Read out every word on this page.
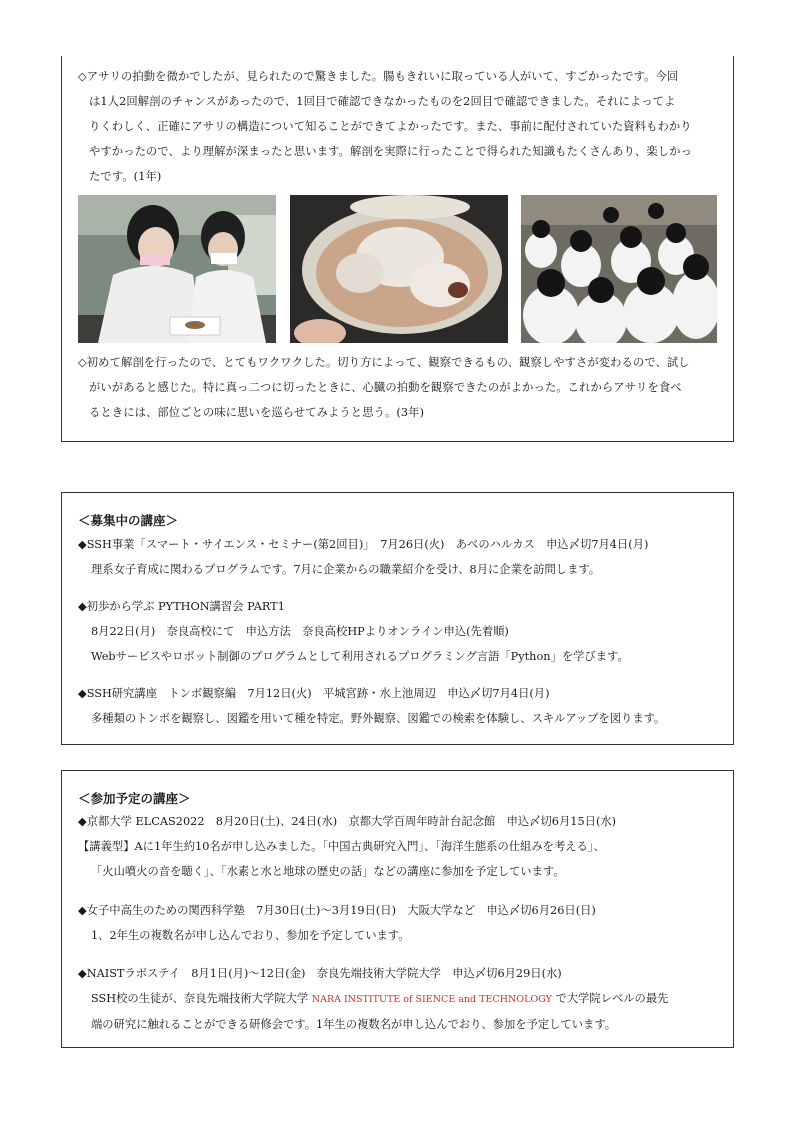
◇アサリの拍動を微かでしたが、見られたので驚きました。腸もきれいに取っている人がいて、すごかったです。今回
は1人2回解剖のチャンスがあったので、1回目で確認できなかったものを2回目で確認できました。それによってよ
りくわしく、正確にアサリの構造について知ることができてよかったです。また、事前に配付されていた資料もわかり
やすかったので、より理解が深まったと思います。解剖を実際に行ったことで得られた知識もたくさんあり、楽しかっ
たです。(1年)
◇初めて解剖を行ったので、とてもワクワクした。切り方によって、観察できるもの、観察しやすさが変わるので、試し
がいがあると感じた。特に真っ二つに切ったときに、心臓の拍動を観察できたのがよかった。これからアサリを食べ
るときには、部位ごとの味に思いを巡らせてみようと思う。(3年)
＜募集中の講座＞
◆SSH事業「スマート・サイエンス・セミナー(第2回目)」　7月26日(火)　あべのハルカス　申込〆切7月4日(月)
理系女子育成に関わるプログラムです。7月に企業からの職業紹介を受け、8月に企業を訪問します。
◆初歩から学ぶ PYTHON講習会 PART1
8月22日(月)　奈良高校にて　申込方法　奈良高校HPよりオンライン申込(先着順)
Webサービスやロボット制御のプログラムとして利用されるプログラミング言語「Python」を学びます。
◆SSH研究講座　トンボ観察編　7月12日(火)　平城宮跡・水上池周辺　申込〆切7月4日(月)
多種類のトンボを観察し、図鑑を用いて種を特定。野外観察、図鑑での検索を体験し、スキルアップを図ります。
＜参加予定の講座＞
◆京都大学 ELCAS2022　8月20日(土)、24日(水)　京都大学百周年時計台記念館　申込〆切6月15日(水)
【講義型】Aに1年生約10名が申し込みました。「中国古典研究入門」、「海洋生態系の仕組みを考える」、
「火山噴火の音を聴く」、「水素と水と地球の歴史の話」などの講座に参加を予定しています。
◆女子中高生のための関西科学塾　7月30日(土)～3月19日(日)　大阪大学など　申込〆切6月26日(日)
1、2年生の複数名が申し込んでおり、参加を予定しています。
◆NAISTラボステイ　8月1日(月)～12日(金)　奈良先端技術大学院大学　申込〆切6月29日(水)
SSH校の生徒が、奈良先端技術大学院大学 NARA INSTITUTE of SIENCE and TECHNOLOGY で大学院レベルの最先
端の研究に触れることができる研修会です。1年生の複数名が申し込んでおり、参加を予定しています。
